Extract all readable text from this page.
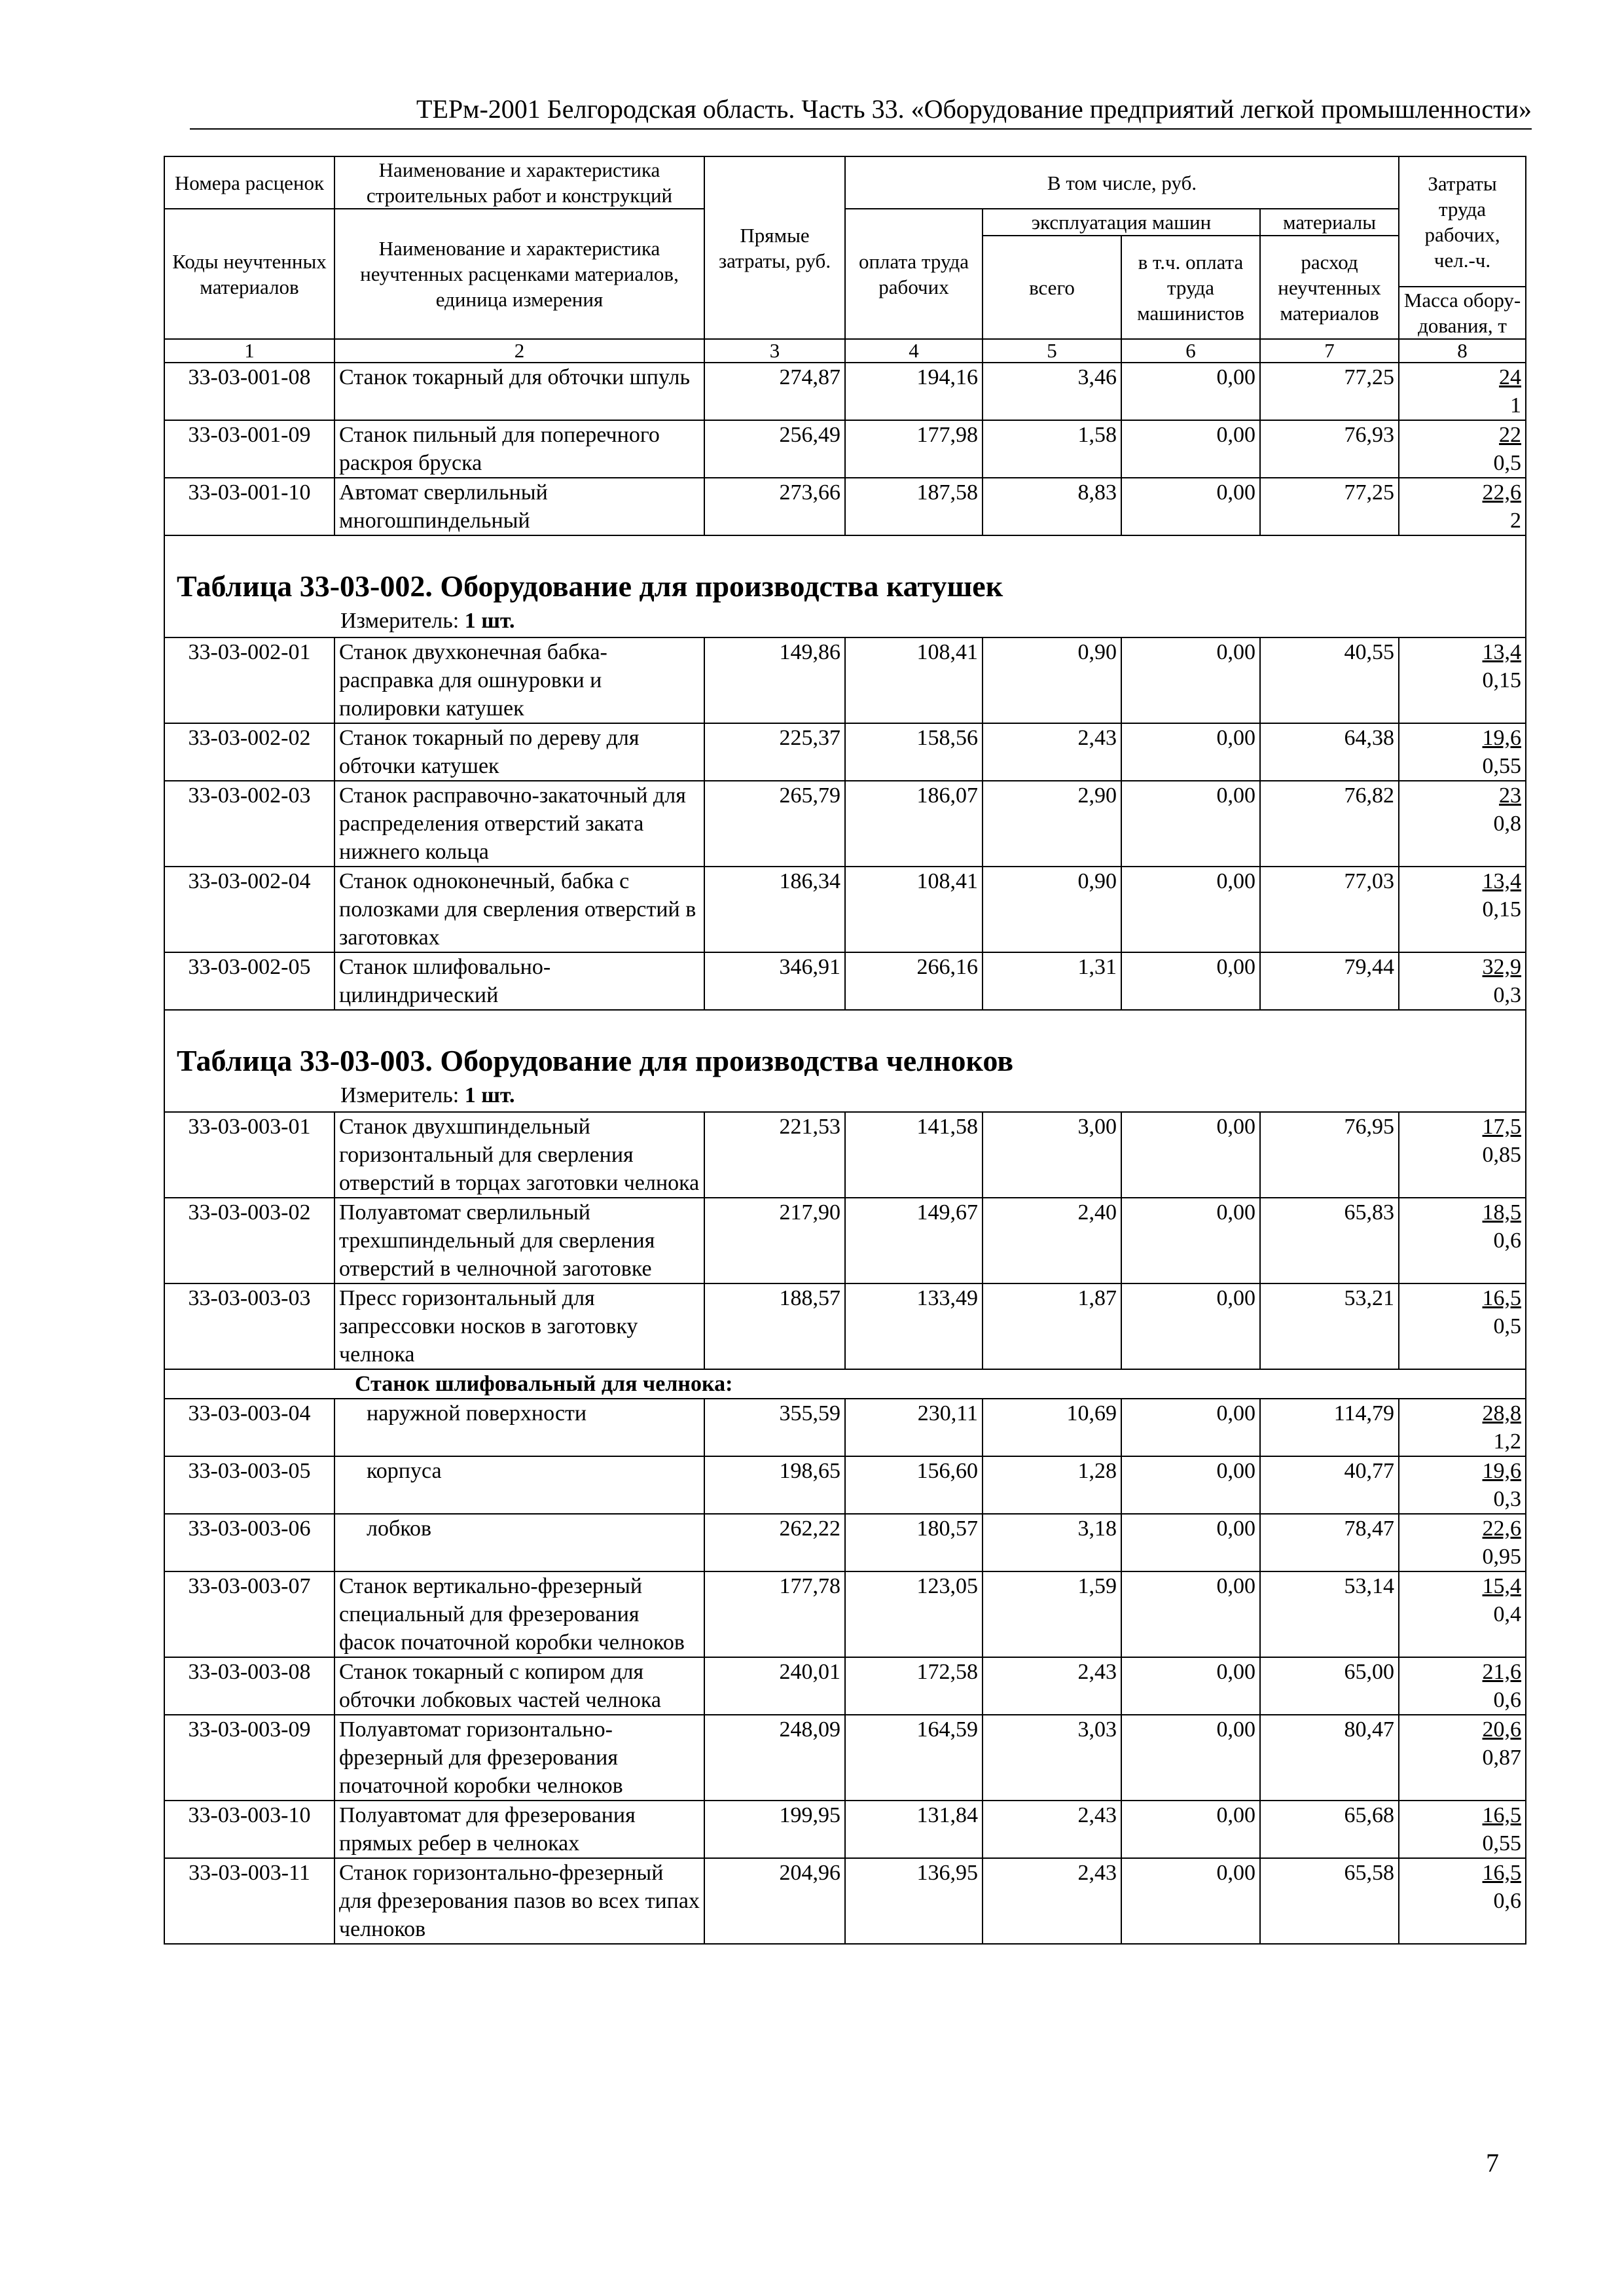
ТЕРм-2001 Белгородская область. Часть 33. «Оборудование предприятий легкой промышленности»
Номера расценок	Наименование и характеристика строительных работ и конструкций	Прямые затраты, руб.	В том числе, руб.				Затраты труда рабочих, чел.-ч.
Коды неучтенных материалов	Наименование и характеристика неучтенных расценками материалов, единица измерения		оплата труда рабочих	эксплуатация машин		материалы	
				всего	в т.ч. оплата труда машинистов	расход неучтенных материалов	
							Масса обору-дования, т
1	2	3	4	5	6	7	8
33-03-001-08	Станок токарный для обточки шпуль	274,87	194,16	3,46	0,00	77,25	24
1

33-03-001-09	Станок пильный для поперечного раскроя бруска	256,49	177,98	1,58	0,00	76,93	22
0,5

33-03-001-10	Автомат сверлильный многошпиндельный	273,66	187,58	8,83	0,00	77,25	22,6
2

Таблица 33-03-002. Оборудование для производства катушек
Измеритель: 1 шт.							

33-03-002-01	Станок двухконечная бабка-расправка для ошнуровки и полировки катушек	149,86	108,41	0,90	0,00	40,55	13,4
0,15

33-03-002-02	Станок токарный по дереву для обточки катушек	225,37	158,56	2,43	0,00	64,38	19,6
0,55

33-03-002-03	Станок расправочно-закаточный для распределения отверстий заката нижнего кольца	265,79	186,07	2,90	0,00	76,82	23
0,8

33-03-002-04	Станок одноконечный, бабка с полозками для сверления отверстий в заготовках	186,34	108,41	0,90	0,00	77,03	13,4
0,15

33-03-002-05	Станок шлифовально-цилиндрический	346,91	266,16	1,31	0,00	79,44	32,9
0,3

Таблица 33-03-003. Оборудование для производства челноков
Измеритель: 1 шт.							

33-03-003-01	Станок двухшпиндельный горизонтальный для сверления отверстий в торцах заготовки челнока	221,53	141,58	3,00	0,00	76,95	17,5
0,85

33-03-003-02	Полуавтомат сверлильный трехшпиндельный для сверления отверстий в челночной заготовке	217,90	149,67	2,40	0,00	65,83	18,5
0,6

33-03-003-03	Пресс горизонтальный для запрессовки носков в заготовку челнока	188,57	133,49	1,87	0,00	53,21	16,5
0,5

Станок шлифовальный для челнока:							
33-03-003-04	наружной поверхности	355,59	230,11	10,69	0,00	114,79	28,8
1,2

33-03-003-05	корпуса	198,65	156,60	1,28	0,00	40,77	19,6
0,3

33-03-003-06	лобков	262,22	180,57	3,18	0,00	78,47	22,6
0,95

33-03-003-07	Станок вертикально-фрезерный специальный для фрезерования фасок початочной коробки челноков	177,78	123,05	1,59	0,00	53,14	15,4
0,4

33-03-003-08	Станок токарный с копиром для обточки лобковых частей челнока	240,01	172,58	2,43	0,00	65,00	21,6
0,6

33-03-003-09	Полуавтомат горизонтально-фрезерный для фрезерования початочной коробки челноков	248,09	164,59	3,03	0,00	80,47	20,6
0,87

33-03-003-10	Полуавтомат для фрезерования прямых ребер в челноках	199,95	131,84	2,43	0,00	65,68	16,5
0,55

33-03-003-11	Станок горизонтально-фрезерный для фрезерования пазов во всех типах челноков	204,96	136,95	2,43	0,00	65,58	16,5
0,6
7
